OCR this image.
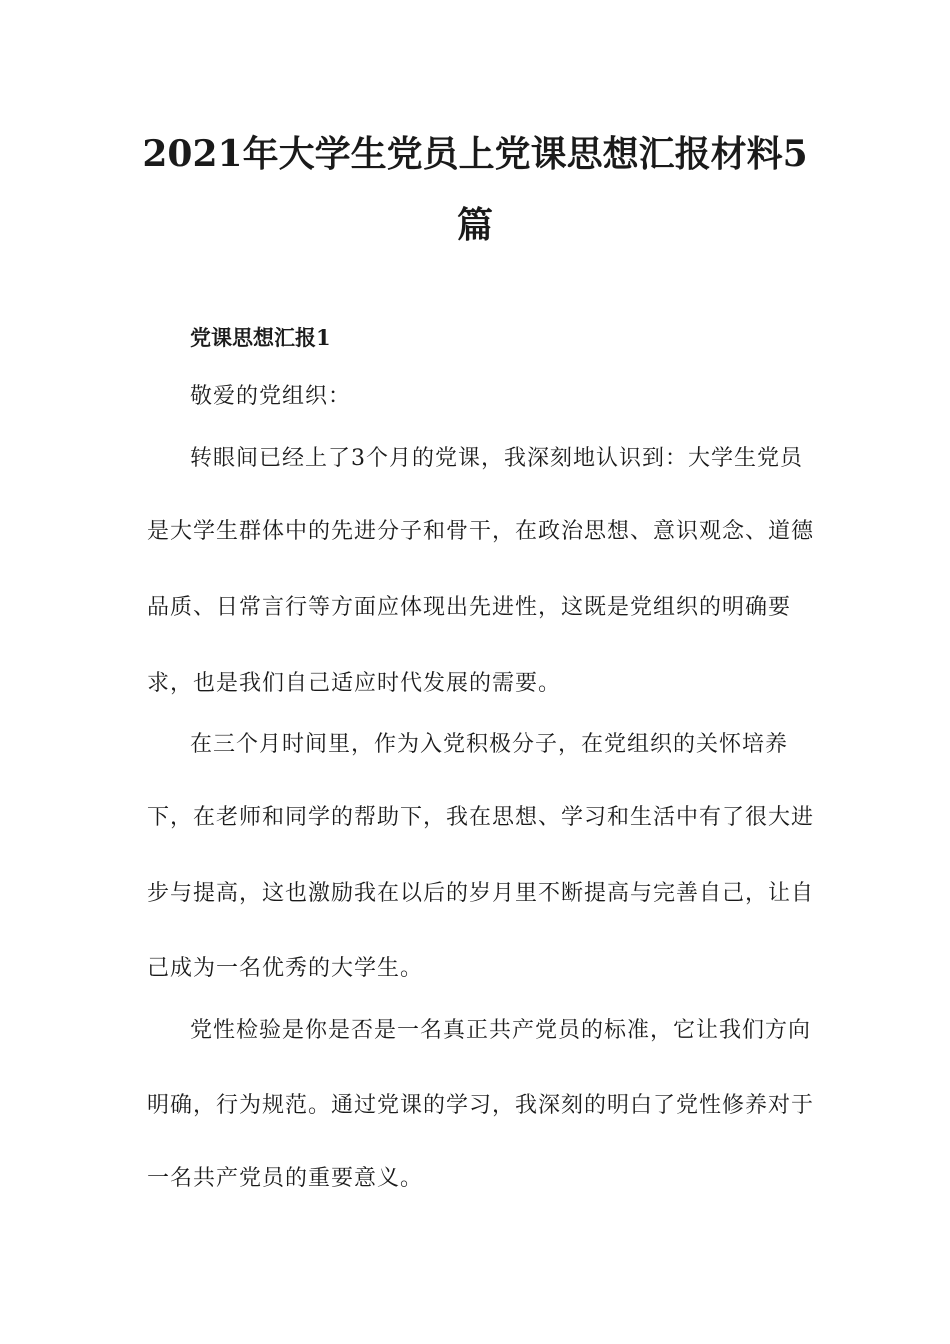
2021年大学生党员上党课思想汇报材料5
篇
党课思想汇报1

敬爱的党组织：

转眼间已经上了3个月的党课，我深刻地认识到：大学生党员

是大学生群体中的先进分子和骨干，在政治思想、意识观念、道德

品质、日常言行等方面应体现出先进性，这既是党组织的明确要

求，也是我们自己适应时代发展的需要。

在三个月时间里，作为入党积极分子，在党组织的关怀培养

下，在老师和同学的帮助下，我在思想、学习和生活中有了很大进

步与提高，这也激励我在以后的岁月里不断提高与完善自己，让自

己成为一名优秀的大学生。

党性检验是你是否是一名真正共产党员的标准，它让我们方向

明确，行为规范。通过党课的学习，我深刻的明白了党性修养对于

一名共产党员的重要意义。
